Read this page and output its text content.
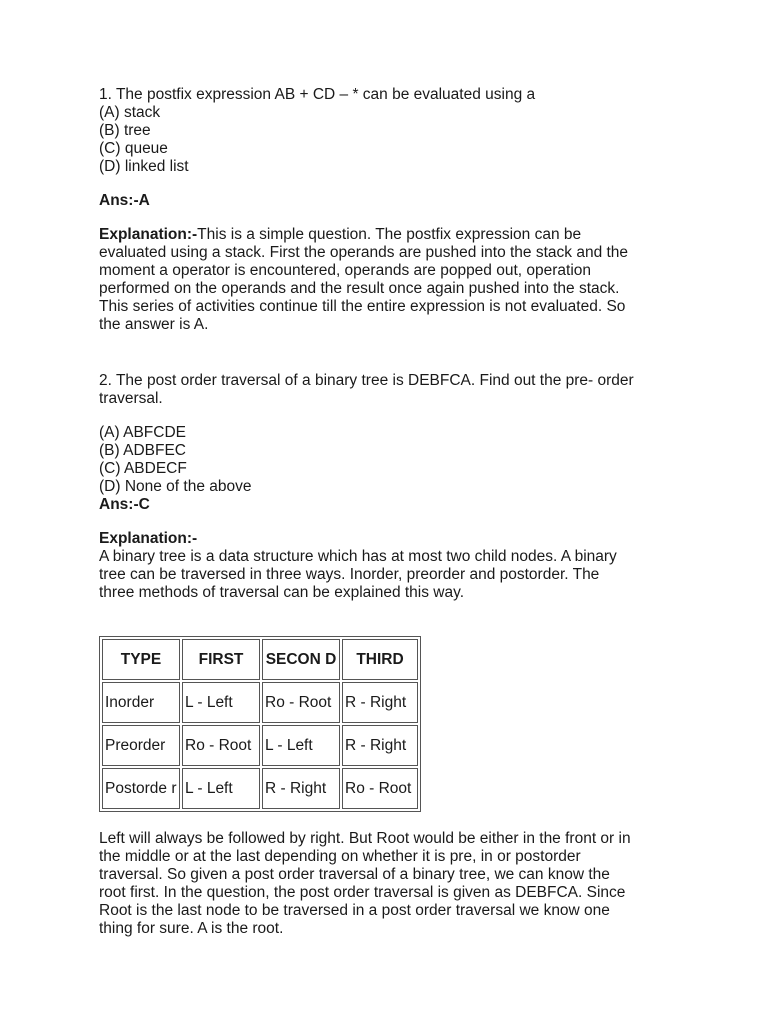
1. The postfix expression AB + CD – * can be evaluated using a

(A) stack

(B) tree

(C) queue

(D) linked list

Ans:-A

Explanation:-This is a simple question. The postfix expression can be

evaluated using a stack. First the operands are pushed into the stack and the

moment a operator is encountered, operands are popped out, operation

performed on the operands and the result once again pushed into the stack.

This series of activities continue till the entire expression is not evaluated. So

the answer is A.

2. The post order traversal of a binary tree is DEBFCA. Find out the pre- order

traversal.

(A) ABFCDE

(B) ADBFEC

(C) ABDECF

(D) None of the above

Ans:-C

Explanation:-

A binary tree is a data structure which has at most two child nodes. A binary

tree can be traversed in three ways. Inorder, preorder and postorder. The

three methods of traversal can be explained this way.

TYPE	FIRST	SECON D	THIRD
Inorder	L - Left	Ro - Root	R - Right
Preorder	Ro - Root	L - Left	R - Right
Postorde r	L - Left	R - Right	Ro - Root

Left will always be followed by right. But Root would be either in the front or in

the middle or at the last depending on whether it is pre, in or postorder

traversal. So given a post order traversal of a binary tree, we can know the

root first. In the question, the post order traversal is given as DEBFCA. Since

Root is the last node to be traversed in a post order traversal we know one

thing for sure. A is the root.
